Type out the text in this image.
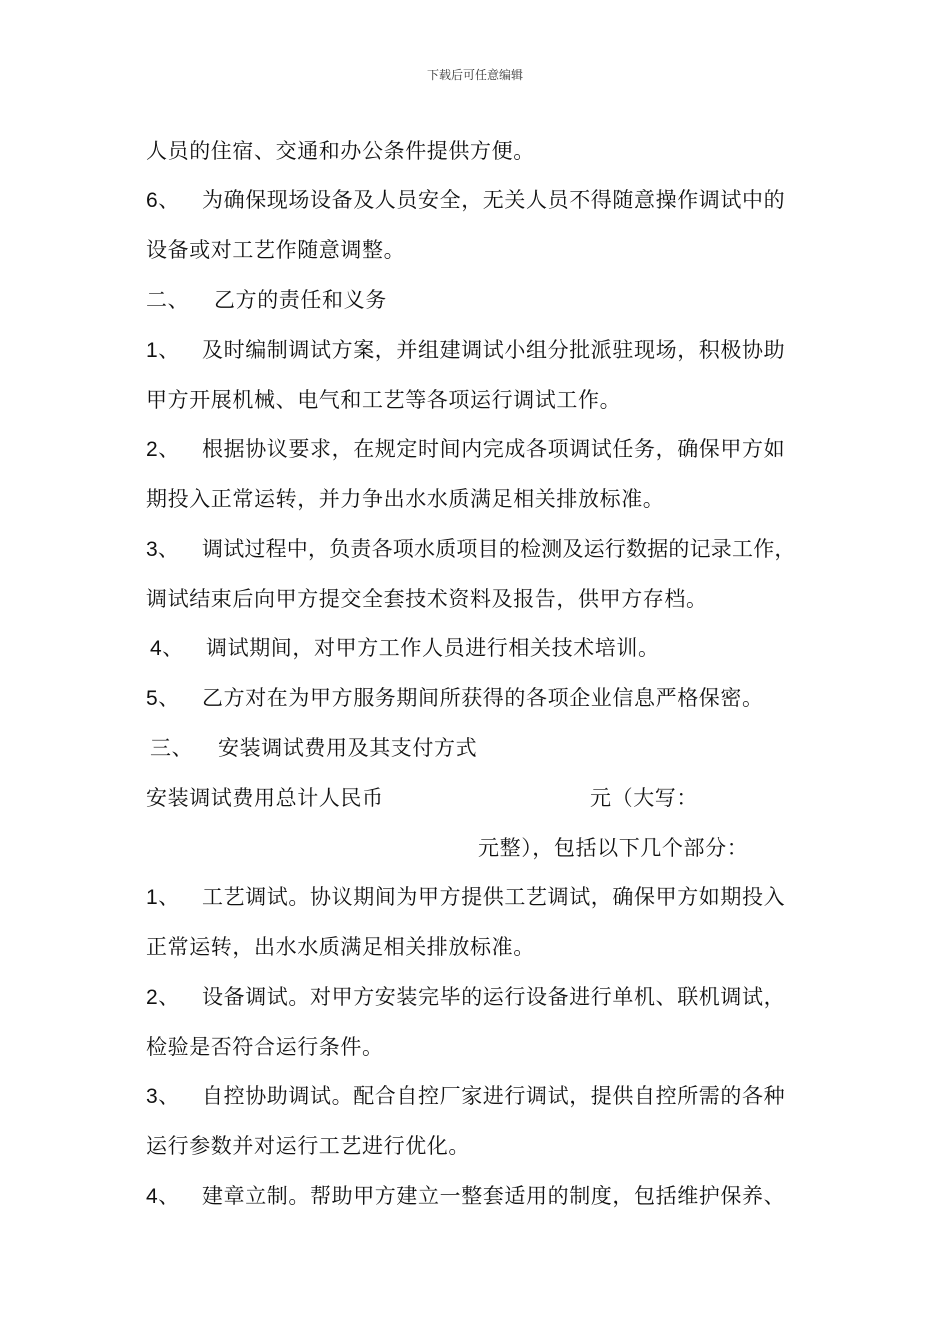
下载后可任意编辑
人员的住宿、交通和办公条件提供方便。
6、 为确保现场设备及人员安全，无关人员不得随意操作调试中的
设备或对工艺作随意调整。
二、 乙方的责任和义务
1、 及时编制调试方案，并组建调试小组分批派驻现场，积极协助
甲方开展机械、电气和工艺等各项运行调试工作。
2、 根据协议要求，在规定时间内完成各项调试任务，确保甲方如
期投入正常运转，并力争出水水质满足相关排放标准。
3、 调试过程中，负责各项水质项目的检测及运行数据的记录工作，
调试结束后向甲方提交全套技术资料及报告，供甲方存档。
4、 调试期间，对甲方工作人员进行相关技术培训。
5、 乙方对在为甲方服务期间所获得的各项企业信息严格保密。
三、 安装调试费用及其支付方式
安装调试费用总计人民币	元（大写：
元整），包括以下几个部分：
1、 工艺调试。协议期间为甲方提供工艺调试，确保甲方如期投入
正常运转，出水水质满足相关排放标准。
2、 设备调试。对甲方安装完毕的运行设备进行单机、联机调试，
检验是否符合运行条件。
3、 自控协助调试。配合自控厂家进行调试，提供自控所需的各种
运行参数并对运行工艺进行优化。
4、 建章立制。帮助甲方建立一整套适用的制度，包括维护保养、
